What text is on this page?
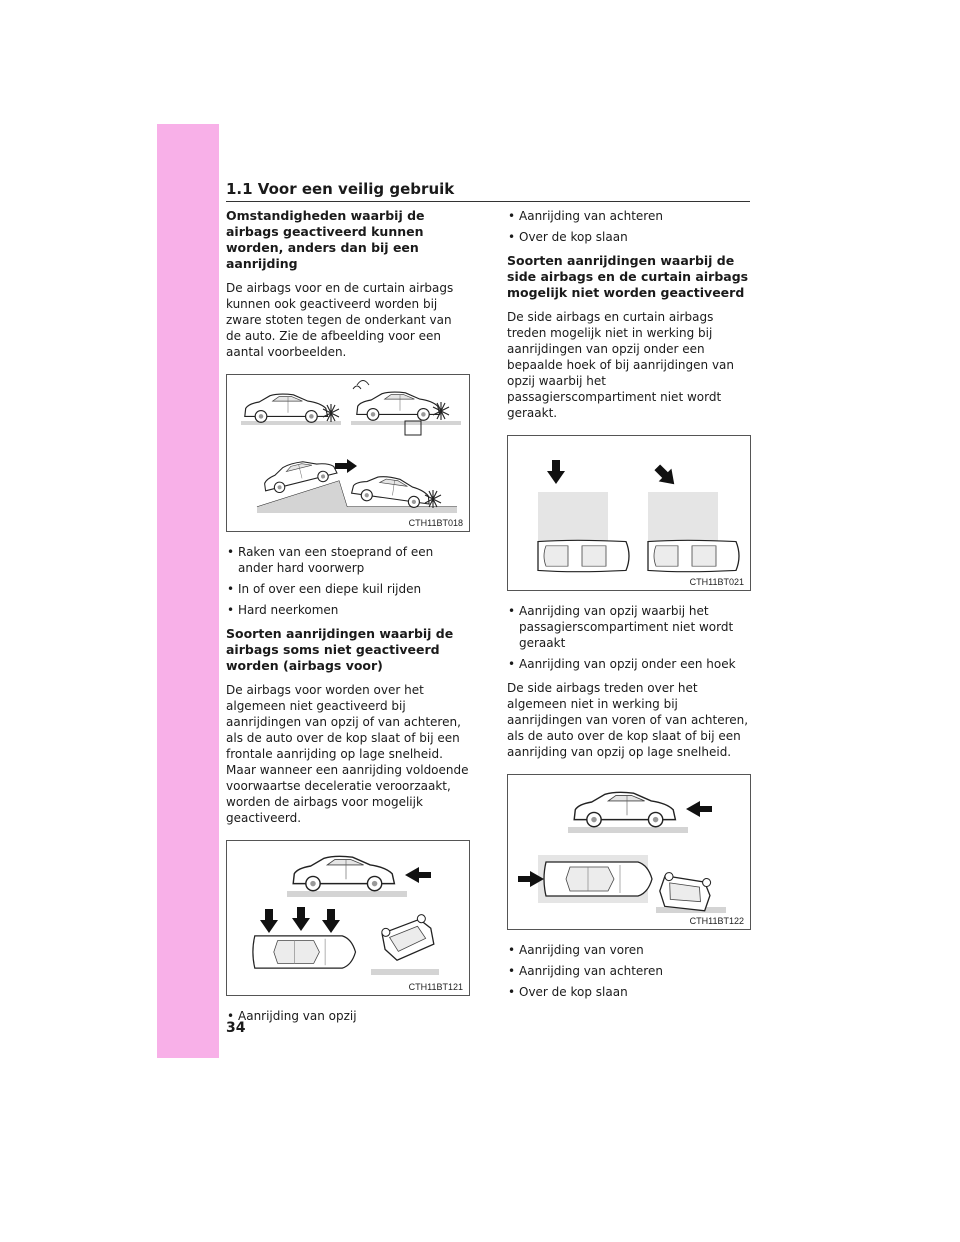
1.1 Voor een veilig gebruik
Omstandigheden waarbij de airbags geactiveerd kunnen worden, anders dan bij een aanrijding

De airbags voor en de curtain airbags kunnen ook geactiveerd worden bij zware stoten tegen de onderkant van de auto. Zie de afbeelding voor een aantal voorbeelden.

CTH11BT018
• Raken van een stoeprand of een ander hard voorwerp
• In of over een diepe kuil rijden
• Hard neerkomen
Soorten aanrijdingen waarbij de airbags soms niet geactiveerd worden (airbags voor)

De airbags voor worden over het algemeen niet geactiveerd bij aanrijdingen van opzij of van achteren, als de auto over de kop slaat of bij een frontale aanrijding op lage snelheid. Maar wanneer een aanrijding voldoende voorwaartse deceleratie veroorzaakt, worden de airbags voor mogelijk geactiveerd.

CTH11BT121
• Aanrijding van opzij
• Aanrijding van achteren
• Over de kop slaan
Soorten aanrijdingen waarbij de side airbags en de curtain airbags mogelijk niet worden geactiveerd

De side airbags en curtain airbags treden mogelijk niet in werking bij aanrijdingen van opzij onder een bepaalde hoek of bij aanrijdingen van opzij waarbij het passagierscompartiment niet wordt geraakt.

CTH11BT021
• Aanrijding van opzij waarbij het passagierscompartiment niet wordt geraakt
• Aanrijding van opzij onder een hoek

De side airbags treden over het algemeen niet in werking bij aanrijdingen van voren of van achteren, als de auto over de kop slaat of bij een aanrijding van opzij op lage snelheid.

CTH11BT122
• Aanrijding van voren
• Aanrijding van achteren
• Over de kop slaan
34
